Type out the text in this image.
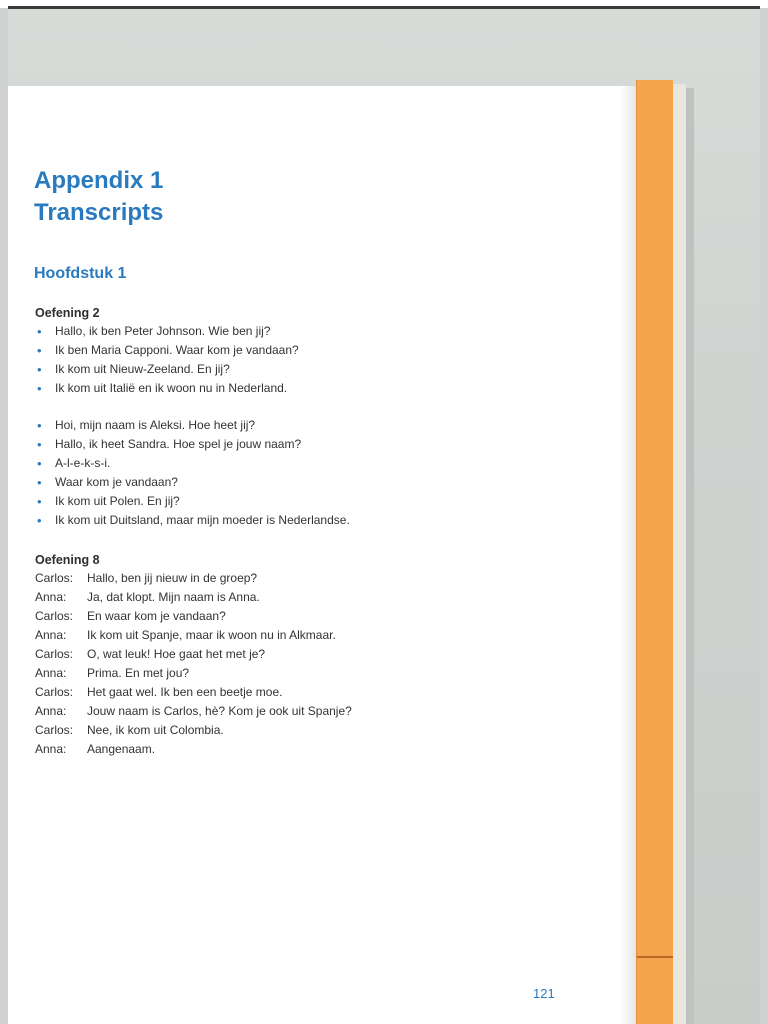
Appendix 1
Transcripts
Hoofdstuk 1
Oefening 2
• Hallo, ik ben Peter Johnson. Wie ben jij?
• Ik ben Maria Capponi. Waar kom je vandaan?
• Ik kom uit Nieuw-Zeeland. En jij?
• Ik kom uit Italië en ik woon nu in Nederland.
• Hoi, mijn naam is Aleksi. Hoe heet jij?
• Hallo, ik heet Sandra. Hoe spel je jouw naam?
• A-l-e-k-s-i.
• Waar kom je vandaan?
• Ik kom uit Polen. En jij?
• Ik kom uit Duitsland, maar mijn moeder is Nederlandse.
Oefening 8
Carlos:	Hallo, ben jij nieuw in de groep?
Anna:	Ja, dat klopt. Mijn naam is Anna.
Carlos:	En waar kom je vandaan?
Anna:	Ik kom uit Spanje, maar ik woon nu in Alkmaar.
Carlos:	O, wat leuk! Hoe gaat het met je?
Anna:	Prima. En met jou?
Carlos:	Het gaat wel. Ik ben een beetje moe.
Anna:	Jouw naam is Carlos, hè? Kom je ook uit Spanje?
Carlos:	Nee, ik kom uit Colombia.
Anna:	Aangenaam.
121
